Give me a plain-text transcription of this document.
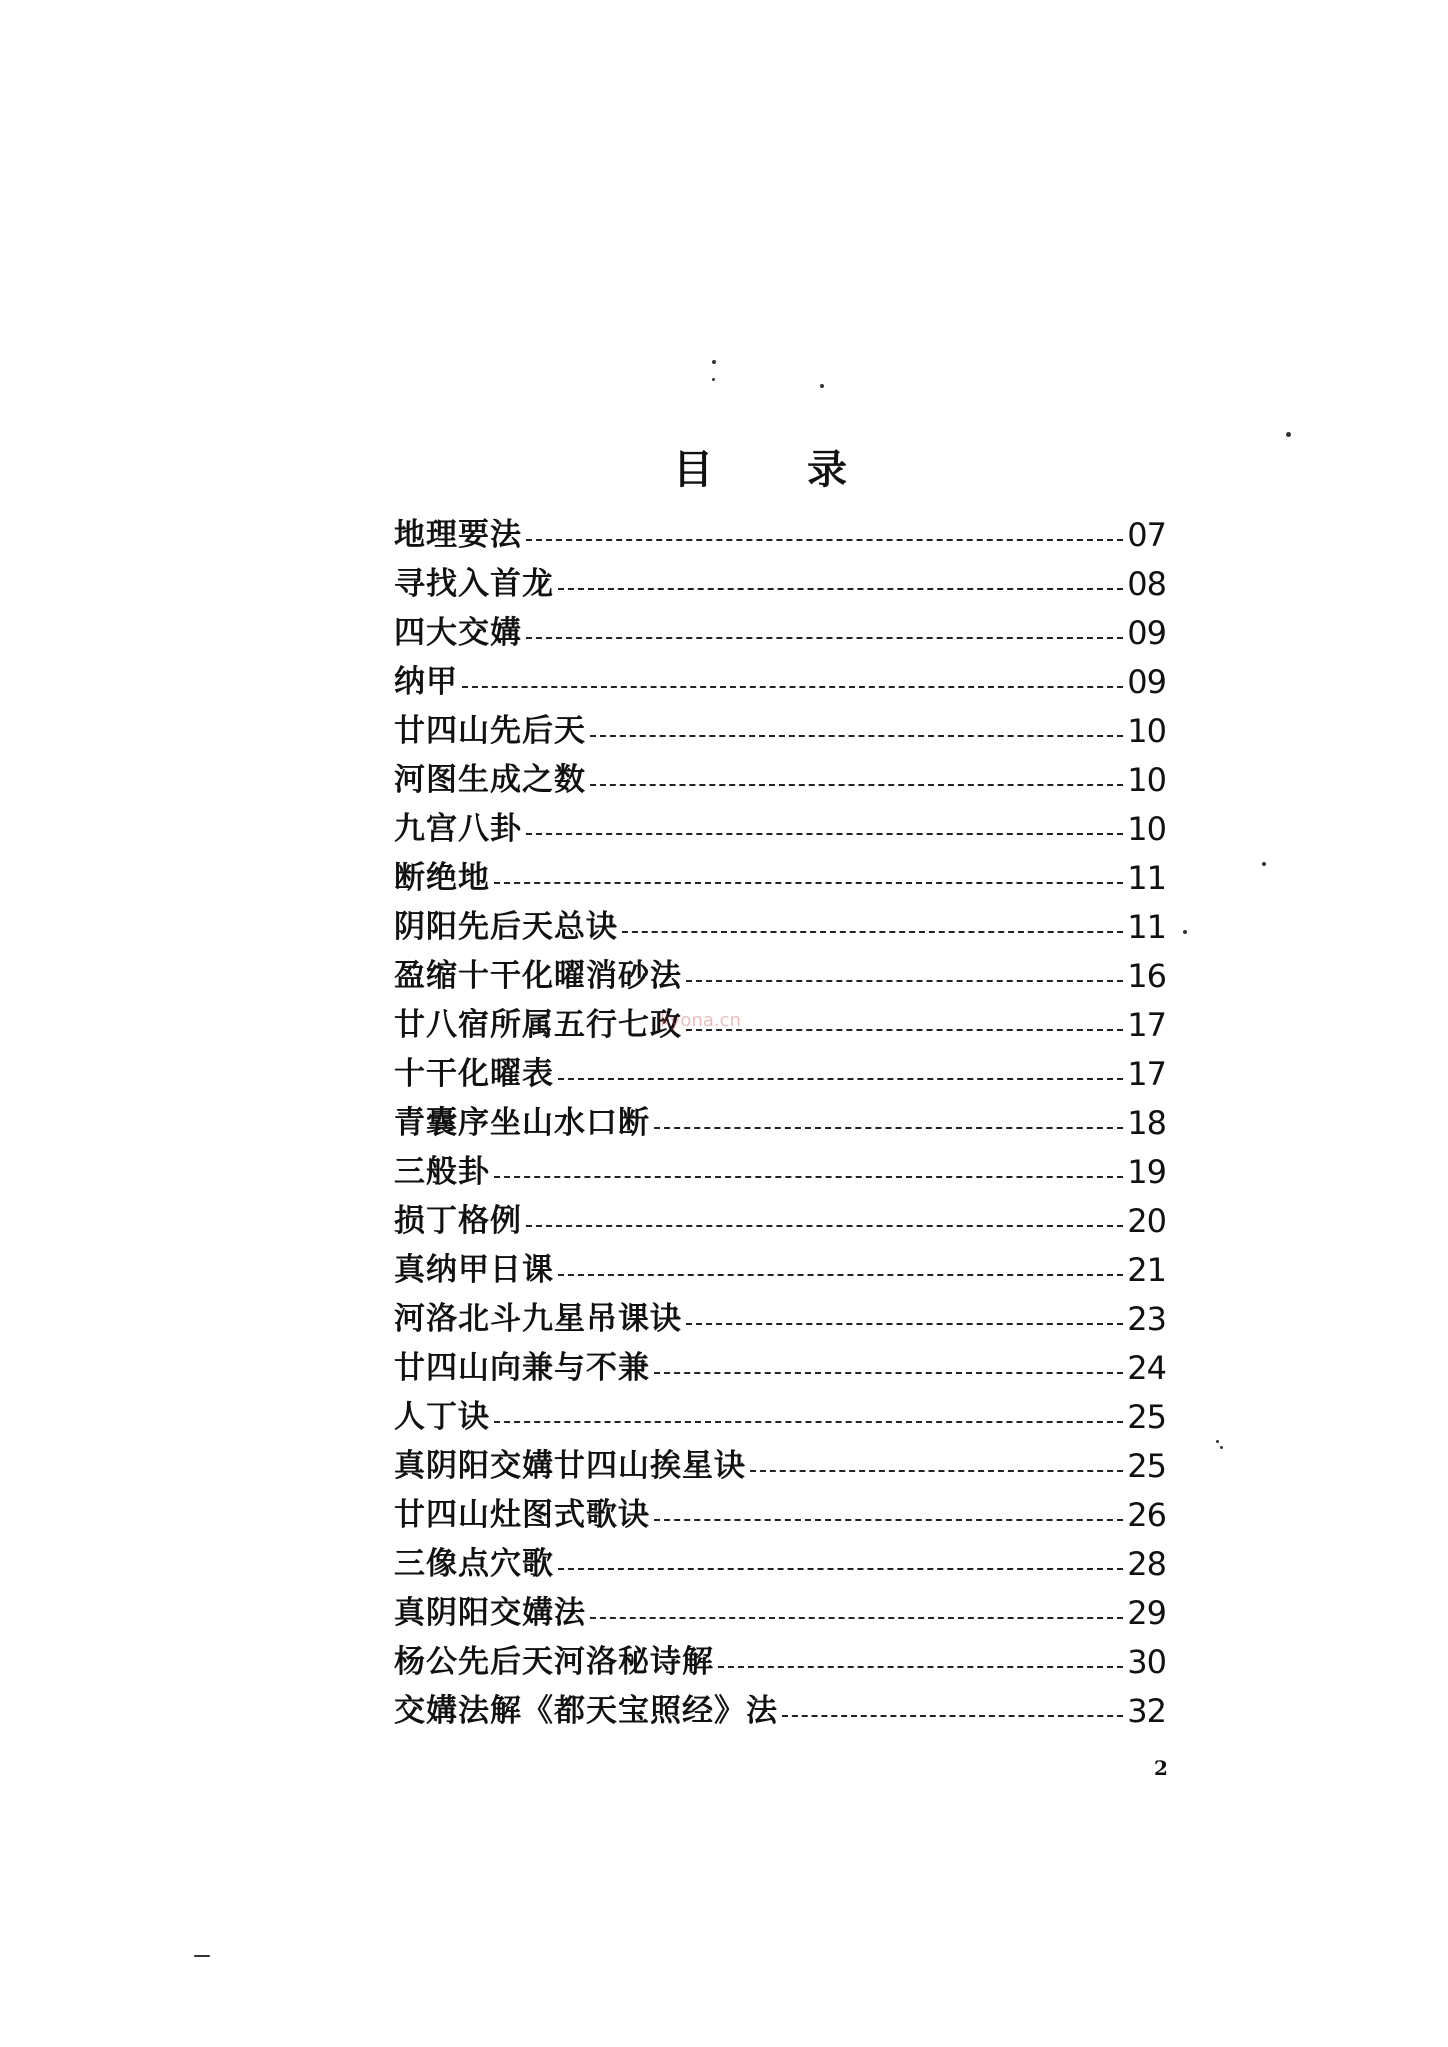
目 录
地理要法	07
寻找入首龙	08
四大交媾	09
纳甲	09
廿四山先后天	10
河图生成之数	10
九宫八卦	10
断绝地	11
阴阳先后天总诀	11
盈缩十干化曜消砂法	16
廿八宿所属五行七政	17
十干化曜表	17
青囊序坐山水口断	18
三般卦	19
损丁格例	20
真纳甲日课	21
河洛北斗九星吊课诀	23
廿四山向兼与不兼	24
人丁诀	25
真阴阳交媾廿四山挨星诀	25
廿四山灶图式歌诀	26
三像点穴歌	28
真阴阳交媾法	29
杨公先后天河洛秘诗解	30
交媾法解《都天宝照经》法	32
2
kyona.cn
